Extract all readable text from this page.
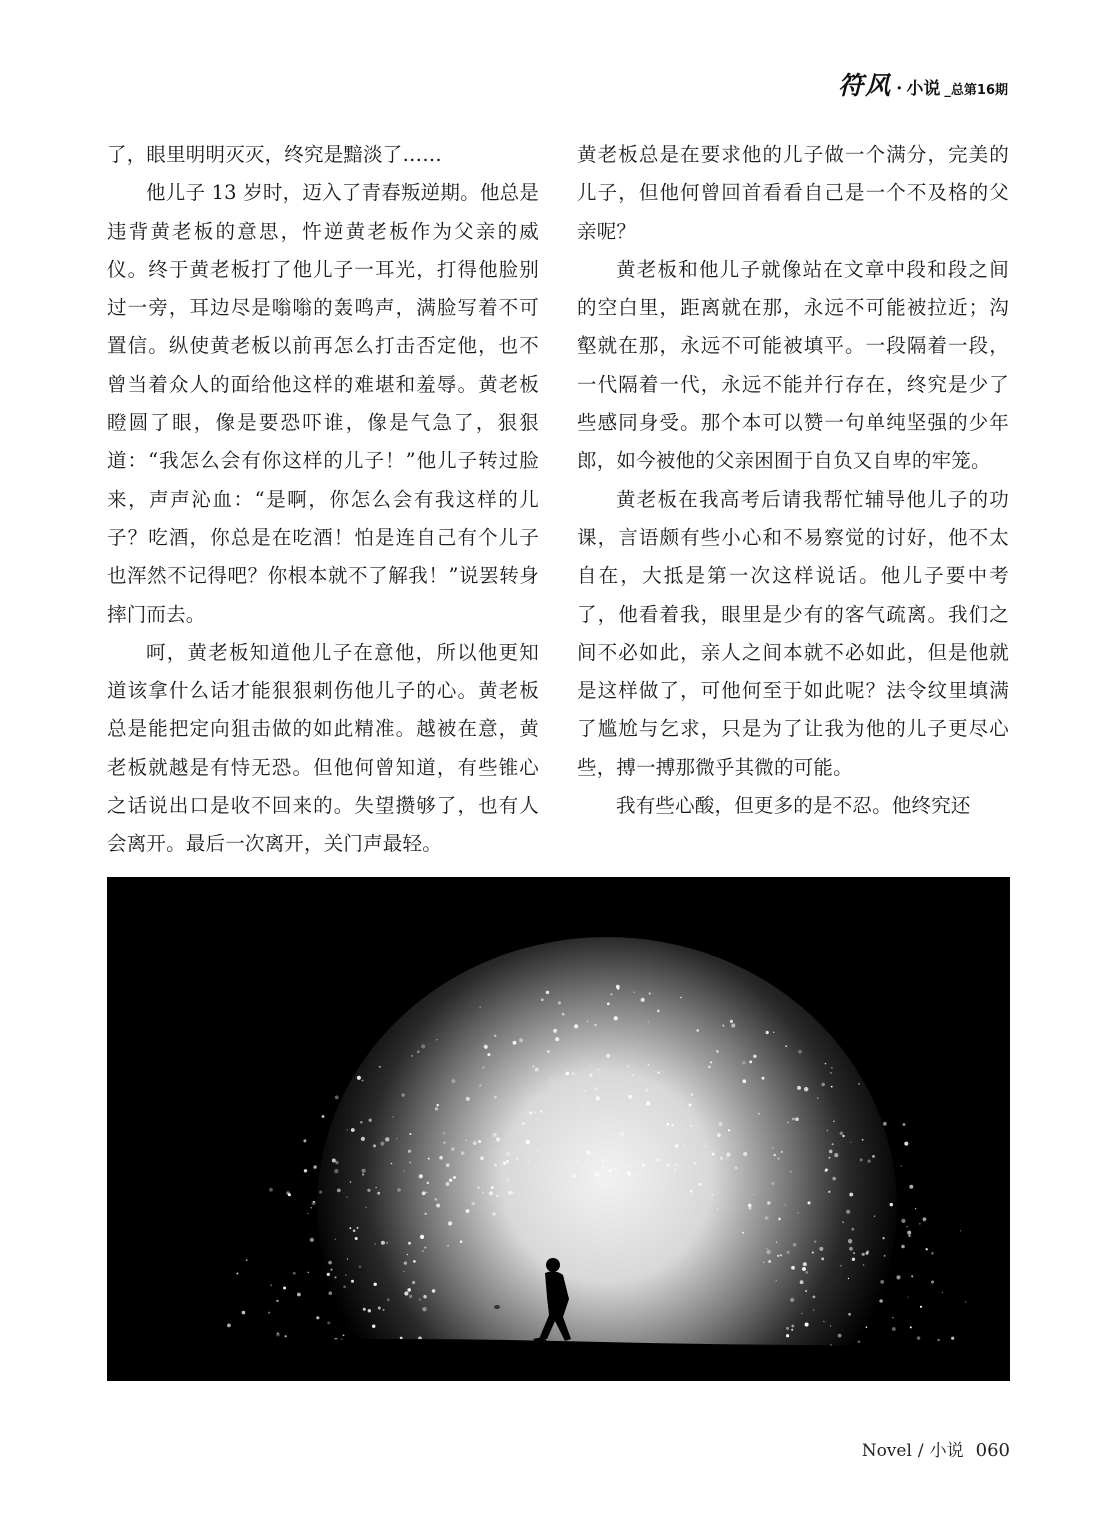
符风 · 小说 _总第16期

了，眼里明明灭灭，终究是黯淡了……

他儿子 13 岁时，迈入了青春叛逆期。他总是违背黄老板的意思，忤逆黄老板作为父亲的威仪。终于黄老板打了他儿子一耳光，打得他脸别过一旁，耳边尽是嗡嗡的轰鸣声，满脸写着不可置信。纵使黄老板以前再怎么打击否定他，也不曾当着众人的面给他这样的难堪和羞辱。黄老板瞪圆了眼，像是要恐吓谁，像是气急了，狠狠道：“我怎么会有你这样的儿子！”他儿子转过脸来，声声沁血：“是啊，你怎么会有我这样的儿子？吃酒，你总是在吃酒！怕是连自己有个儿子也浑然不记得吧？你根本就不了解我！”说罢转身摔门而去。

呵，黄老板知道他儿子在意他，所以他更知道该拿什么话才能狠狠刺伤他儿子的心。黄老板总是能把定向狙击做的如此精准。越被在意，黄老板就越是有恃无恐。但他何曾知道，有些锥心之话说出口是收不回来的。失望攒够了，也有人会离开。最后一次离开，关门声最轻。

黄老板总是在要求他的儿子做一个满分，完美的儿子，但他何曾回首看看自己是一个不及格的父亲呢？

黄老板和他儿子就像站在文章中段和段之间的空白里，距离就在那，永远不可能被拉近；沟壑就在那，永远不可能被填平。一段隔着一段，一代隔着一代，永远不能并行存在，终究是少了些感同身受。那个本可以赞一句单纯坚强的少年郎，如今被他的父亲困囿于自负又自卑的牢笼。

黄老板在我高考后请我帮忙辅导他儿子的功课，言语颇有些小心和不易察觉的讨好，他不太自在，大抵是第一次这样说话。他儿子要中考了，他看着我，眼里是少有的客气疏离。我们之间不必如此，亲人之间本就不必如此，但是他就是这样做了，可他何至于如此呢？法令纹里填满了尴尬与乞求，只是为了让我为他的儿子更尽心些，搏一搏那微乎其微的可能。

我有些心酸，但更多的是不忍。他终究还

Novel / 小说 060
